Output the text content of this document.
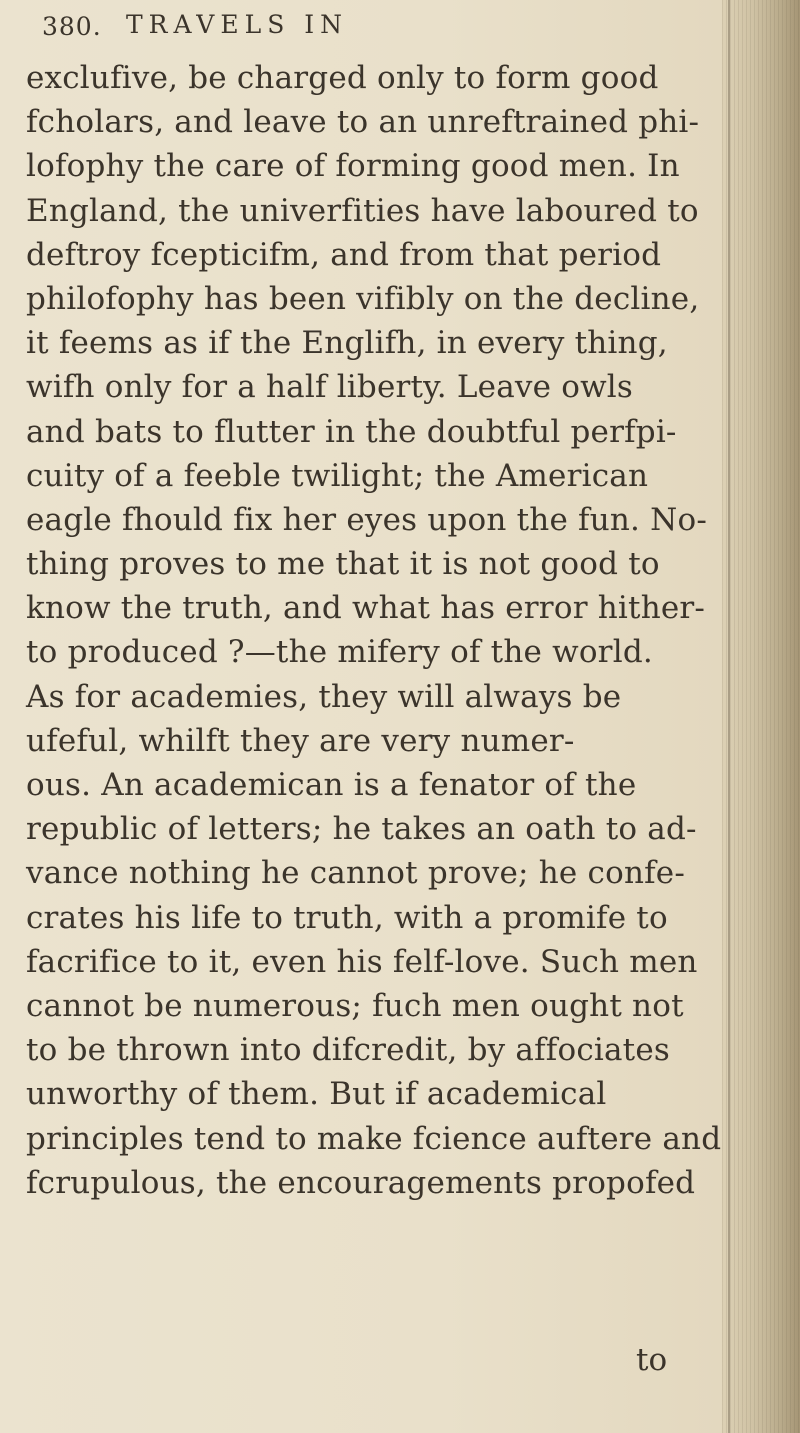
380. TRAVELS IN
exclufive, be charged only to form good
fcholars, and leave to an unreftrained phi-
lofophy the care of forming good men. In
England, the univerfities have laboured to
deftroy fcepticifm, and from that period
philofophy has been vifibly on the decline,
it feems as if the Englifh, in every thing,
wifh only for a half liberty. Leave owls
and bats to flutter in the doubtful perfpi-
cuity of a feeble twilight; the American
eagle fhould fix her eyes upon the fun. No-
thing proves to me that it is not good to
know the truth, and what has error hither-
to produced ?—the mifery of the world.
As for academies, they will always be
ufeful, whilft they are very numer-
ous. An academican is a fenator of the
republic of letters; he takes an oath to ad-
vance nothing he cannot prove; he confe-
crates his life to truth, with a promife to
facrifice to it, even his felf-love. Such men
cannot be numerous; fuch men ought not
to be thrown into difcredit, by affociates
unworthy of them. But if academical
principles tend to make fcience auftere and
fcrupulous, the encouragements propofed
to
